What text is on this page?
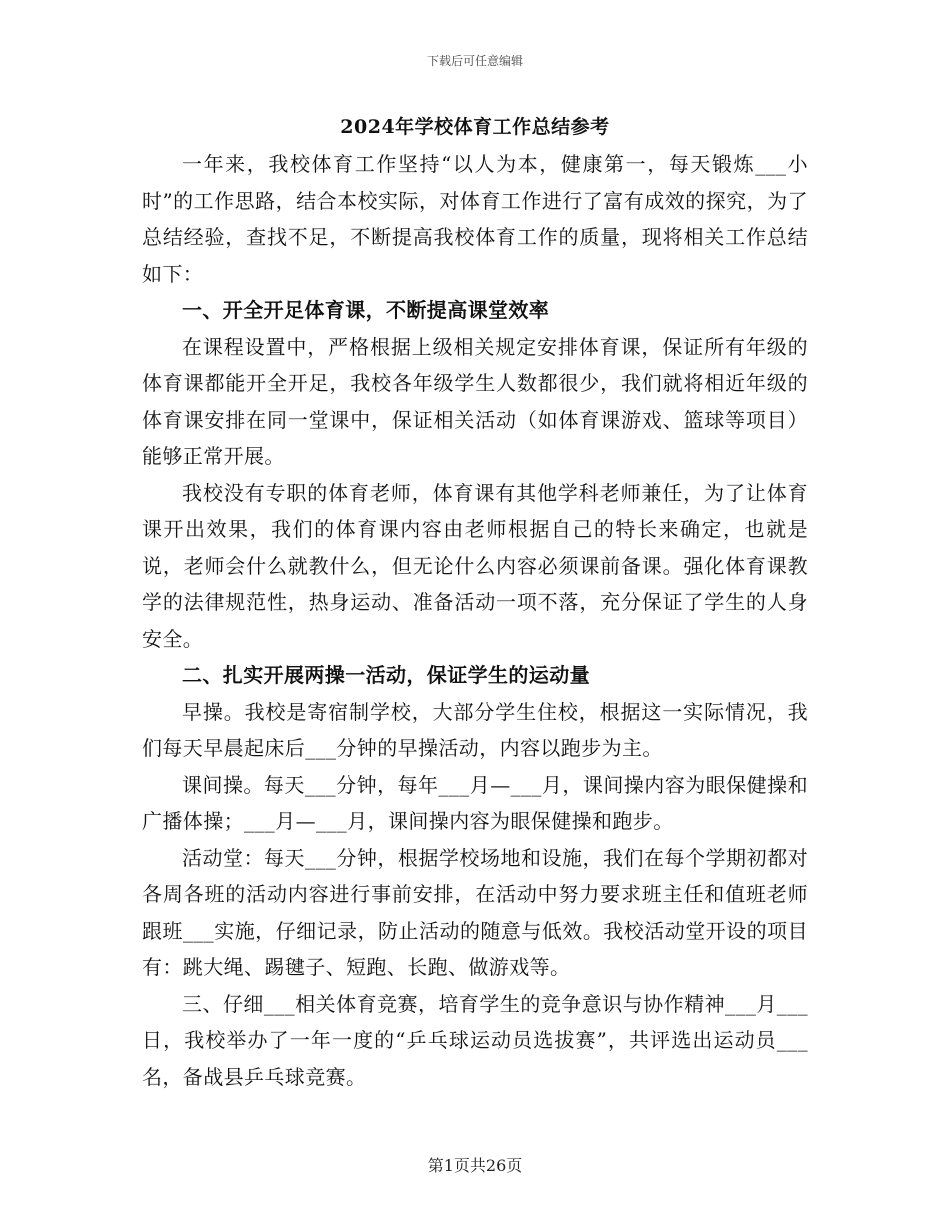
下载后可任意编辑
2024年学校体育工作总结参考

一年来，我校体育工作坚持“以人为本，健康第一，每天锻炼___小时”的工作思路，结合本校实际，对体育工作进行了富有成效的探究，为了总结经验，查找不足，不断提高我校体育工作的质量，现将相关工作总结如下：

一、开全开足体育课，不断提高课堂效率

在课程设置中，严格根据上级相关规定安排体育课，保证所有年级的体育课都能开全开足，我校各年级学生人数都很少，我们就将相近年级的体育课安排在同一堂课中，保证相关活动（如体育课游戏、篮球等项目）能够正常开展。

我校没有专职的体育老师，体育课有其他学科老师兼任，为了让体育课开出效果，我们的体育课内容由老师根据自己的特长来确定，也就是说，老师会什么就教什么，但无论什么内容必须课前备课。强化体育课教学的法律规范性，热身运动、准备活动一项不落，充分保证了学生的人身安全。

二、扎实开展两操一活动，保证学生的运动量

早操。我校是寄宿制学校，大部分学生住校，根据这一实际情况，我们每天早晨起床后___分钟的早操活动，内容以跑步为主。

课间操。每天___分钟，每年___月—___月，课间操内容为眼保健操和广播体操；___月—___月，课间操内容为眼保健操和跑步。

活动堂：每天___分钟，根据学校场地和设施，我们在每个学期初都对各周各班的活动内容进行事前安排，在活动中努力要求班主任和值班老师跟班___实施，仔细记录，防止活动的随意与低效。我校活动堂开设的项目有：跳大绳、踢毽子、短跑、长跑、做游戏等。

三、仔细___相关体育竞赛，培育学生的竞争意识与协作精神___月___日，我校举办了一年一度的“乒乓球运动员选拔赛”，共评选出运动员___名，备战县乒乓球竞赛。

第1页共26页
